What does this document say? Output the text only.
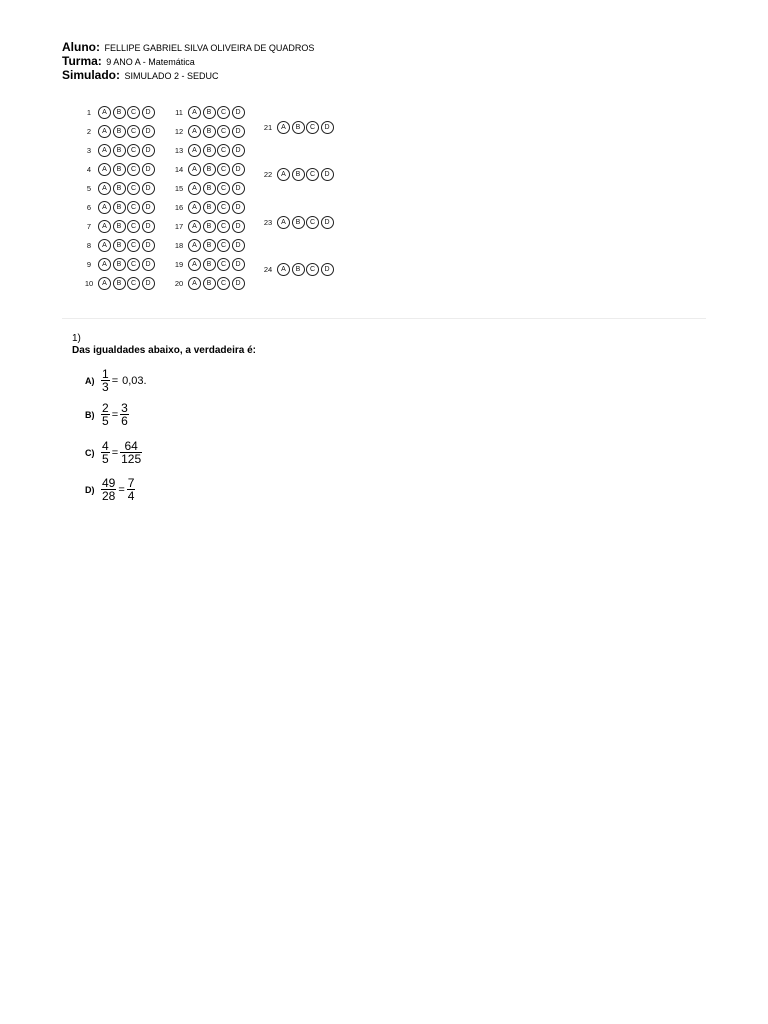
Aluno: FELLIPE GABRIEL SILVA OLIVEIRA DE QUADROS
Turma: 9 ANO A - Matemática
Simulado: SIMULADO 2 - SEDUC
1	A	B	C	D
2	A	B	C	D
3	A	B	C	D
4	A	B	C	D
5	A	B	C	D
6	A	B	C	D
7	A	B	C	D
8	A	B	C	D
9	A	B	C	D
10	A	B	C	D
11	A	B	C	D
12	A	B	C	D
13	A	B	C	D
14	A	B	C	D
15	A	B	C	D
16	A	B	C	D
17	A	B	C	D
18	A	B	C	D
19	A	B	C	D
20	A	B	C	D
21	A	B	C	D
22	A	B	C	D
23	A	B	C	D
24	A	B	C	D
1)
Das igualdades abaixo, a verdadeira é:
$A) \frac{1}{3} = 0,03$.
$B) \frac{2}{5} = \frac{3}{6}$
$C) \frac{4}{5} = \frac{64}{125}$
$D) \frac{49}{28} = \frac{7}{4}$
